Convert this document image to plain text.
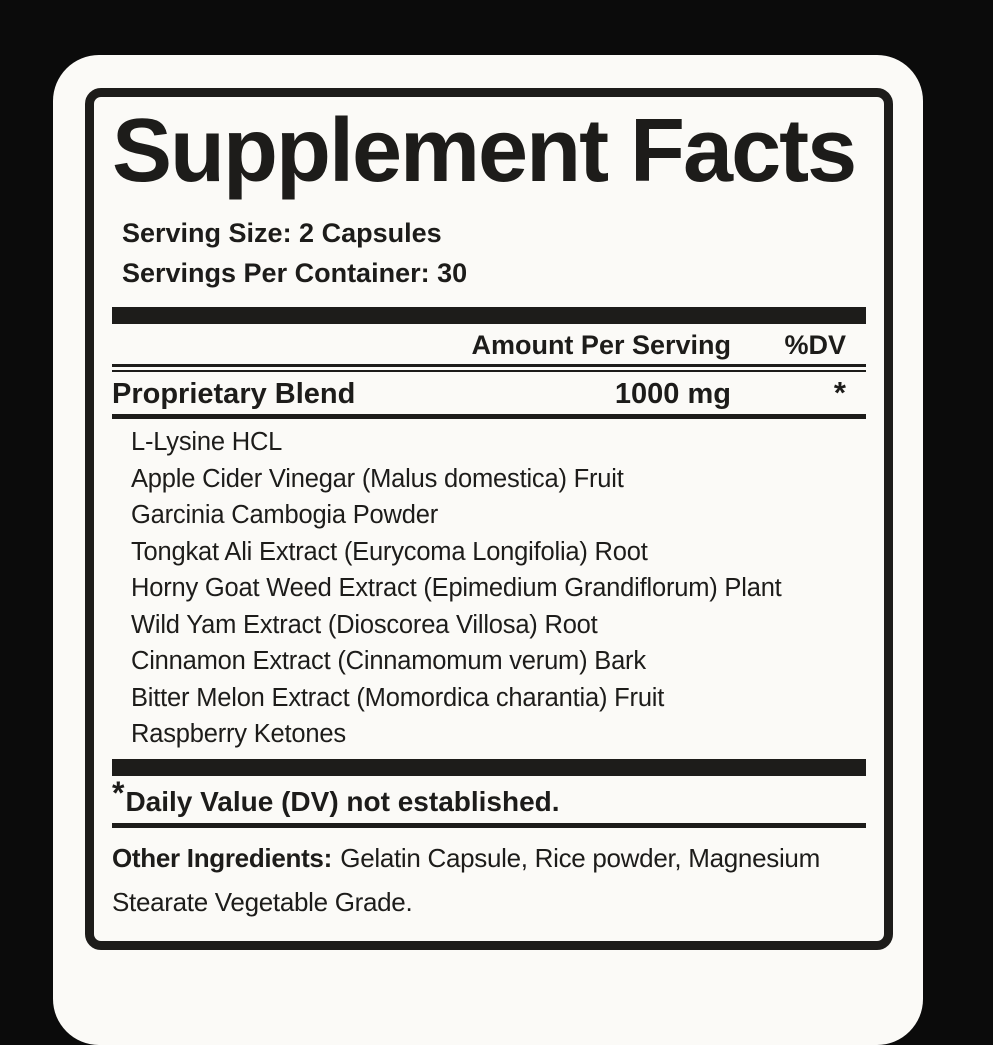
Supplement Facts
Serving Size: 2 Capsules
Servings Per Container: 30
Amount Per Serving	%DV
Proprietary Blend	1000 mg	*
L-Lysine HCL
Apple Cider Vinegar (Malus domestica) Fruit
Garcinia Cambogia Powder
Tongkat Ali Extract (Eurycoma Longifolia) Root
Horny Goat Weed Extract (Epimedium Grandiflorum) Plant
Wild Yam Extract (Dioscorea Villosa) Root
Cinnamon Extract (Cinnamomum verum) Bark
Bitter Melon Extract (Momordica charantia) Fruit
Raspberry Ketones
*Daily Value (DV) not established.
Other Ingredients: Gelatin Capsule, Rice powder, Magnesium
Stearate Vegetable Grade.
